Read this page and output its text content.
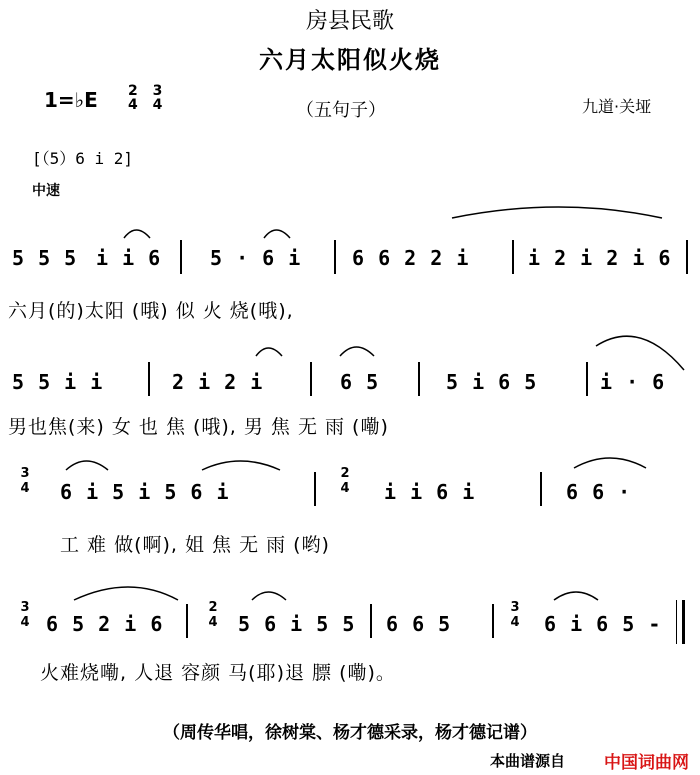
房县民歌
六月太阳似火烧
1=♭E 2
4

3
4	（五句子）	九道·关垭
[（5）6 i 2̇]
中速
5 5 5 i i 6 5 · 6 i	6 6 2 2 i	i 2 i 2 i 6
六月(的)太阳 (哦) 似 火 烧(哦),
5 5 i i	2 i 2 i	6 5	5 i 6 5	i · 6
男也焦(来) 女 也 焦 (哦), 男 焦 无 雨 (嘞)
3
4 6 i 5 i 5 6 i
2
4 i i 6 i	6 6 ·
工 难 做(啊), 姐 焦 无 雨 (哟)
3
4 6 5 2 i 6
2
4 5 6 i 5 5 6 6 5
3
4 6 i 6 5 -
火难烧嘞, 人退 容颜 马(耶)退 膘 (嘞)。
（周传华唱，徐树棠、杨才德采录，杨才德记谱）
本曲谱源自 中国词曲网
